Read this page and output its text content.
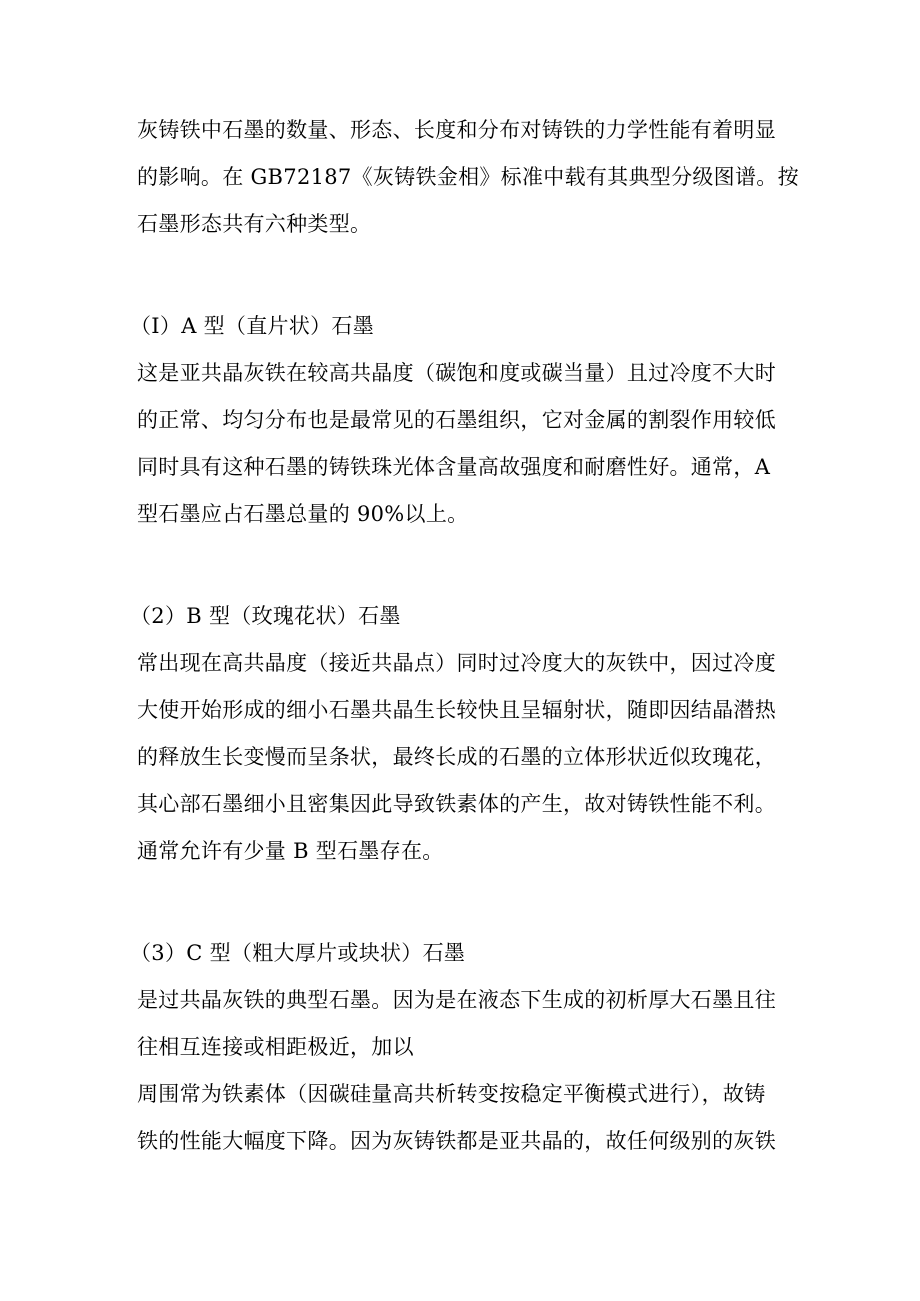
灰铸铁中石墨的数量、形态、长度和分布对铸铁的力学性能有着明显
的影响。在 GB72187《灰铸铁金相》标准中载有其典型分级图谱。按
石墨形态共有六种类型。
（I）A 型（直片状）石墨
这是亚共晶灰铁在较高共晶度（碳饱和度或碳当量）且过冷度不大时
的正常、均匀分布也是最常见的石墨组织，它对金属的割裂作用较低
同时具有这种石墨的铸铁珠光体含量高故强度和耐磨性好。通常，A
型石墨应占石墨总量的 90%以上。
（2）B 型（玫瑰花状）石墨
常出现在高共晶度（接近共晶点）同时过冷度大的灰铁中，因过冷度
大使开始形成的细小石墨共晶生长较快且呈辐射状，随即因结晶潜热
的释放生长变慢而呈条状，最终长成的石墨的立体形状近似玫瑰花，
其心部石墨细小且密集因此导致铁素体的产生，故对铸铁性能不利。
通常允许有少量 B 型石墨存在。
（3）C 型（粗大厚片或块状）石墨
是过共晶灰铁的典型石墨。因为是在液态下生成的初析厚大石墨且往
往相互连接或相距极近，加以
周围常为铁素体（因碳硅量高共析转变按稳定平衡模式进行），故铸
铁的性能大幅度下降。因为灰铸铁都是亚共晶的，故任何级别的灰铁
